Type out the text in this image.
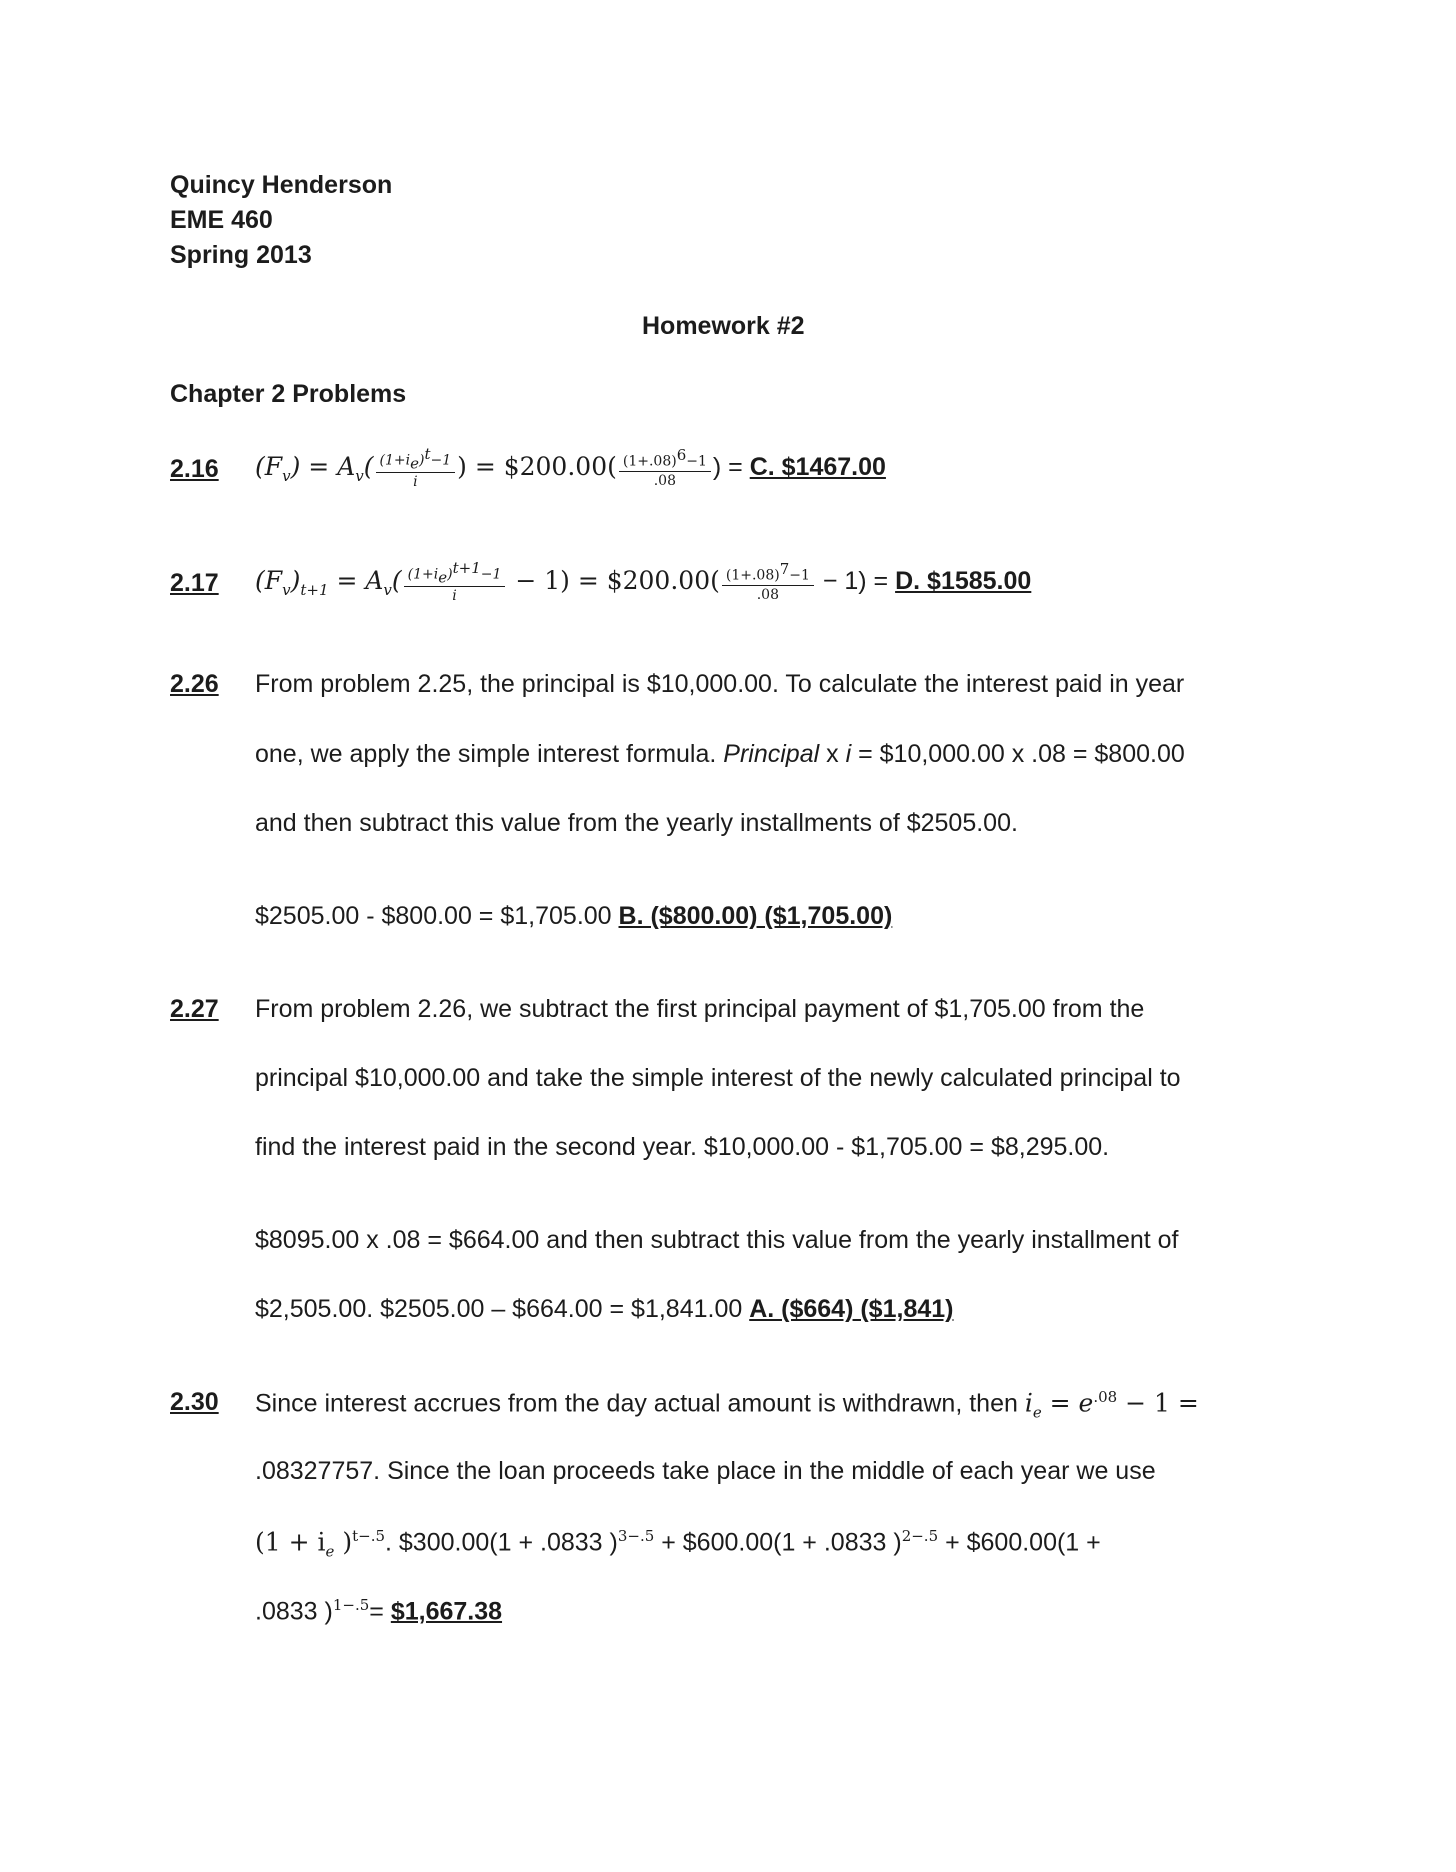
Quincy Henderson
EME 460
Spring 2013
Homework #2
Chapter 2 Problems
2.16 $(F_v) = A_v( \frac{(1+i_e)^t-1}{i}$ ) = $200.00( $\frac{(1+.08)^6-1}{.08}$ ) = C. $1467.00
2.17 $(F_v)_{t+1} = A_v( \frac{(1+i_e)^{t+1}-1}{i} - 1)$ = $200.00( $\frac{(1+.08)^7-1}{.08} - 1) = D$. $1585.00
2.26 From problem 2.25, the principal is $10,000.00. To calculate the interest paid in year
one, we apply the simple interest formula. Principal x i = $10,000.00 x .08 = $800.00
and then subtract this value from the yearly installments of $2505.00.
$2505.00 - $800.00 = $1,705.00 B. ($800.00) ($1,705.00)
2.27 From problem 2.26, we subtract the first principal payment of $1,705.00 from the
principal $10,000.00 and take the simple interest of the newly calculated principal to
find the interest paid in the second year. $10,000.00 - $1,705.00 = $8,295.00.
$8095.00 x .08 = $664.00 and then subtract this value from the yearly installment of
$2,505.00. $2505.00 – $664.00 = $1,841.00 A. ($664) ($1,841)
2.30 Since interest accrues from the day actual amount is withdrawn, then $i_e = e^{.08} - 1$ =
.08327757. Since the loan proceeds take place in the middle of each year we use
($1 + i_e$ )$^{t-.5}$. $300.00(1 + .0833 )$^{3-.5}$ + $600.00(1 + .0833 )$^{2-.5}$ + $600.00(1 +
.0833 )$^{1-.5}$= $1,667.38
